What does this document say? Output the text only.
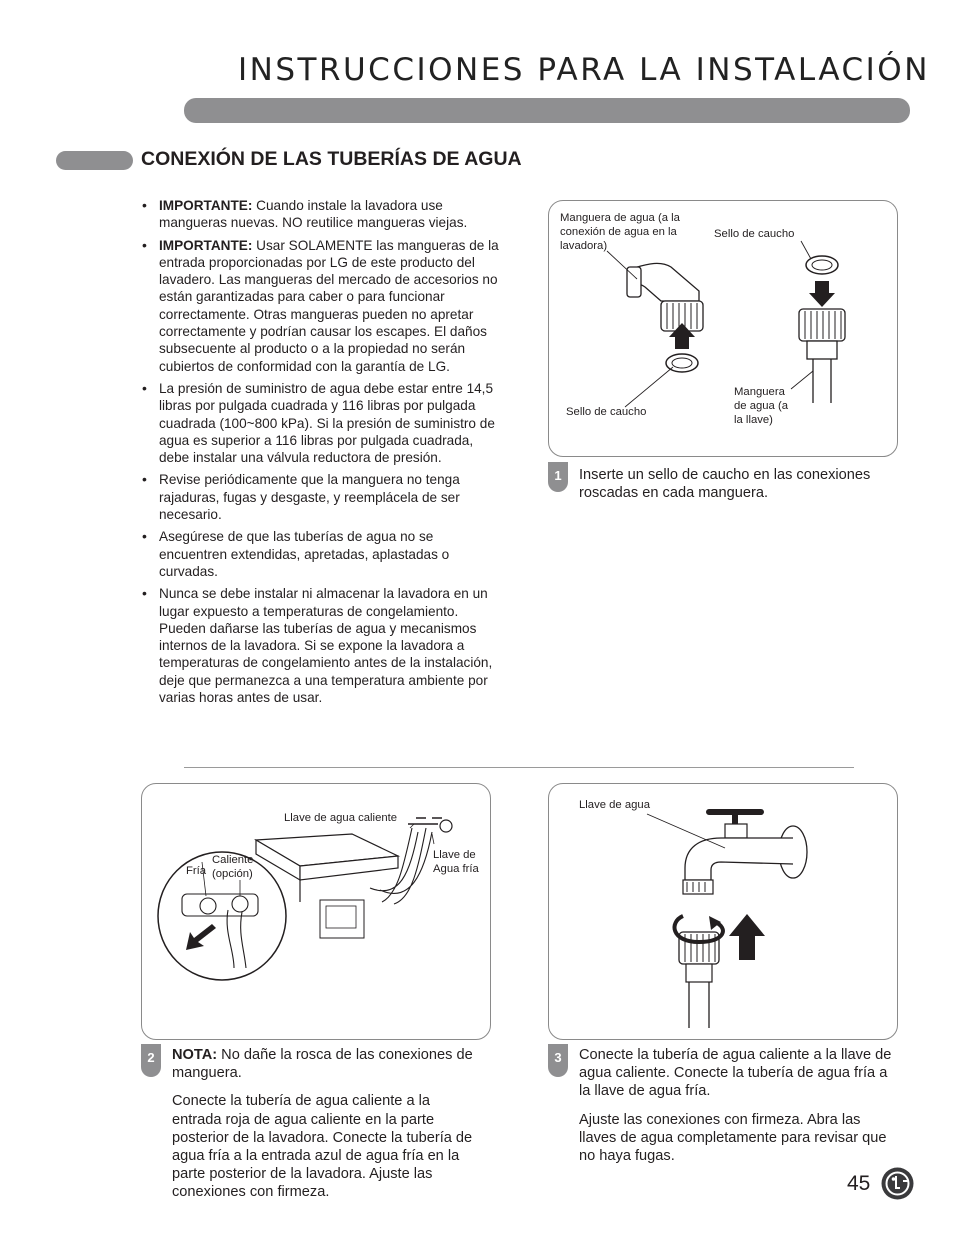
INSTRUCCIONES PARA LA INSTALACIÓN
CONEXIÓN DE LAS TUBERÍAS DE AGUA
• IMPORTANTE: Cuando instale la lavadora use mangueras nuevas. NO reutilice mangueras viejas.
• IMPORTANTE: Usar SOLAMENTE las mangueras de la entrada proporcionadas por LG de este producto del lavadero. Las mangueras del mercado de accesorios no están garantizadas para caber o para funcionar correctamente. Otras mangueras pueden no apretar correctamente y podrían causar los escapes. El daños subsecuente al producto o a la propiedad no serán cubiertos de conformidad con la garantía de LG.
• La presión de suministro de agua debe estar entre 14,5 libras por pulgada cuadrada y 116 libras por pulgada cuadrada (100~800 kPa). Si la presión de suministro de agua es superior a 116 libras por pulgada cuadrada, debe instalar una válvula reductora de presión.
• Revise periódicamente que la manguera no tenga rajaduras, fugas y desgaste, y reemplácela de ser necesario.
• Asegúrese de que las tuberías de agua no se encuentren extendidas, apretadas, aplastadas o curvadas.
• Nunca se debe instalar ni almacenar la lavadora en un lugar expuesto a temperaturas de congelamiento. Pueden dañarse las tuberías de agua y mecanismos internos de la lavadora. Si se expone la lavadora a temperaturas de congelamiento antes de la instalación, deje que permanezca a una temperatura ambiente por varias horas antes de usar.
Manguera de agua (a la conexión de agua en la lavadora)
Sello de caucho
Sello de caucho
Manguera de agua (a la llave)
1	Inserte un sello de caucho en las conexiones roscadas en cada manguera.

Llave de agua caliente
Caliente (opción)
Fría
Llave de Agua fría
2	NOTA: No dañe la rosca de las conexiones de manguera.

Conecte la tubería de agua caliente a la entrada roja de agua caliente en la parte posterior de la lavadora. Conecte la tubería de agua fría a la entrada azul de agua fría en la parte posterior de la lavadora. Ajuste las conexiones con firmeza.

Llave de agua
3	Conecte la tubería de agua caliente a la llave de agua caliente. Conecte la tubería de agua fría a la llave de agua fría.

Ajuste las conexiones con firmeza. Abra las llaves de agua completamente para revisar que no haya fugas.

45
